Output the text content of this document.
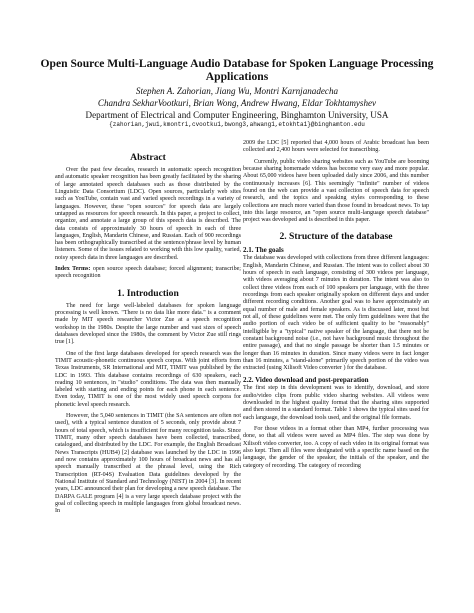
Open Source Multi-Language Audio Database for Spoken Language Processing Applications
Stephen A. Zahorian, Jiang Wu, Montri Karnjanadecha
Chandra SekharVootkuri, Brian Wong, Andrew Hwang, Eldar Tokhtamyshev
Department of Electrical and Computer Engineering, Binghamton University, USA
{zahorian,jwu1,kmontri,cvootku1,bwong3,ahwang1,etokhta1}@binghamton.edu
Abstract

Over the past few decades, research in automatic speech recognition and automatic speaker recognition has been greatly facilitated by the sharing of large annotated speech databases such as those distributed by the Linguistic Data Consortium (LDC). Open sources, particularly web sites such as YouTube, contain vast and varied speech recordings in a variety of languages. However, these "open sources" for speech data are largely untapped as resources for speech research. In this paper, a project to collect, organize, and annotate a large group of this speech data is described. The data consists of approximately 30 hours of speech in each of three languages, English, Mandarin Chinese, and Russian. Each of 900 recordings has been orthographically transcribed at the sentence/phrase level by human listeners. Some of the issues related to working with this low quality, varied, noisy speech data in three languages are described.

Index Terms: open source speech database; forced alignment; transcribe; speech recognition

1. Introduction

The need for large well-labeled databases for spoken language processing is well known. "There is no data like more data." is a comment made by MIT speech researcher Victor Zue at a speech recognition workshop in the 1980s. Despite the large number and vast sizes of speech databases developed since the 1980s, the comment by Victor Zue still rings true [1].

One of the first large databases developed for speech research was the TIMIT acoustic-phonetic continuous speech corpus. With joint efforts from Texas Instruments, SR International and MIT, TIMIT was published by the LDC in 1993. This database contains recordings of 630 speakers, each reading 10 sentences, in "studio" conditions. The data was then manually labeled with starting and ending points for each phone in each sentence. Even today, TIMIT is one of the most widely used speech corpora for phonetic level speech research.

However, the 5,040 sentences in TIMIT (the SA sentences are often not used), with a typical sentence duration of 5 seconds, only provide about 7 hours of total speech, which is insufficient for many recognition tasks. Since TIMIT, many other speech databases have been collected, transcribed, catalogued, and distributed by the LDC. For example, the English Broadcast News Transcripts (HUB4) [2] database was launched by the LDC in 1996 and now contains approximately 100 hours of broadcast news and has all speech manually transcribed at the phrasal level, using the Rich Transcription (RT-04S) Evaluation Data guidelines developed by the National Institute of Standard and Technology (NIST) in 2004 [3]. In recent years, LDC announced their plan for developing a new speech database. The DARPA GALE program [4] is a very large speech database project with the goal of collecting speech in multiple languages from global broadcast news. In

2009 the LDC [5] reported that 4,000 hours of Arabic broadcast has been collected and 2,400 hours were selected for transcribing.

Currently, public video sharing websites such as YouTube are booming because sharing homemade videos has become very easy and more popular. About 65,000 videos have been uploaded daily since 2006, and this number continuously increases [6]. This seemingly "infinite" number of videos found on the web can provide a vast collection of speech data for speech research, and the topics and speaking styles corresponding to these collections are much more varied than those found in broadcast news. To tap into this large resource, an "open source multi-language speech database" project was developed and is described in this paper.

2. Structure of the database
2.1. The goals

The database was developed with collections from three different languages: English, Mandarin Chinese, and Russian. The intent was to collect about 30 hours of speech in each language, consisting of 300 videos per language, with videos averaging about 7 minutes in duration. The intent was also to collect three videos from each of 100 speakers per language, with the three recordings from each speaker originally spoken on different days and under different recording conditions. Another goal was to have approximately an equal number of male and female speakers. As is discussed later, most but not all, of these guidelines were met. The only firm guidelines were that the audio portion of each video be of sufficient quality to be "reasonably" intelligible by a "typical" native speaker of the language, that there not be constant background noise (i.e., not have background music throughout the entire passage), and that no single passage be shorter than 1.5 minutes or longer than 16 minutes in duration. Since many videos were in fact longer than 16 minutes, a "stand-alone" primarily speech portion of the video was extracted (using Xilisoft Video converter ) for the database.

2.2. Video download and post-preparation

The first step in this development was to identify, download, and store audio/video clips from public video sharing websites. All videos were downloaded in the highest quality format that the sharing sites supported and then stored in a standard format. Table 1 shows the typical sites used for each language, the download tools used, and the original file formats.

For those videos in a format other than MP4, further processing was done, so that all videos were saved as MP4 files. The step was done by Xilisoft video converter, too. A copy of each video in its original format was also kept. Then all files were designated with a specific name based on the language, the gender of the speaker, the initials of the speaker, and the category of recording. The category of recording
